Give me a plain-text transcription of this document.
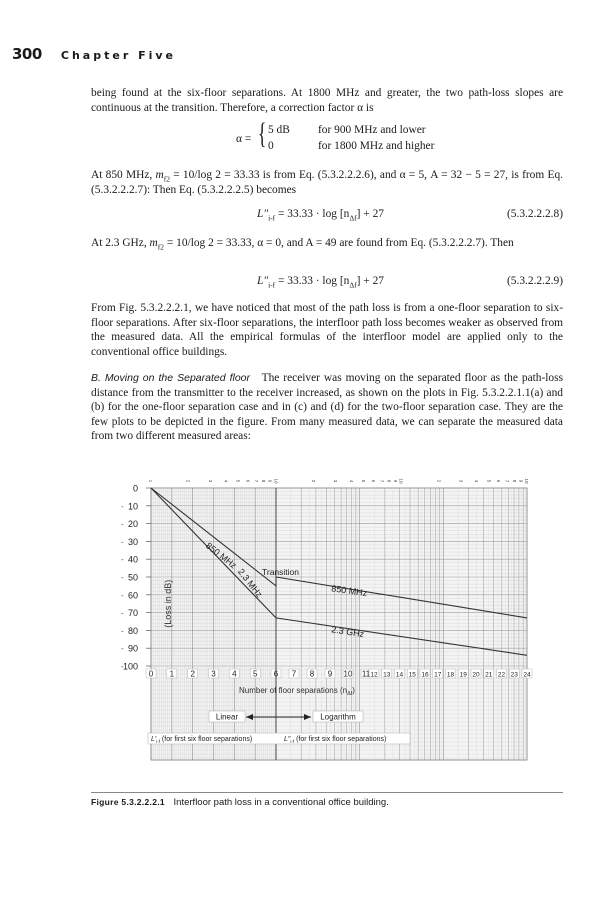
300 Chapter Five

being found at the six-floor separations. At 1800 MHz and greater, the two path-loss slopes are continuous at the transition. Therefore, a correction factor α is

α = { 5 dB for 900 MHz and lower
0	for 1800 MHz and higher

At 850 MHz, $m_{f2} = 10/\log$ 2 = 33.33 is from Eq. (5.3.2.2.2.6), and α = 5, A = 32 − 5 = 27, is from Eq. (5.3.2.2.2.7): Then Eq. (5.3.2.2.2.5) becomes

$L''_{i-f} = 33.33 \cdot \log [n_{\Delta f}] + 27$	(5.3.2.2.2.8)

At 2.3 GHz, $m_{f2} = 10/\log$ 2 = 33.33, α = 0, and A = 49 are found from Eq. (5.3.2.2.2.7). Then

$L''_{i-f} = 33.33 \cdot \log [n_{\Delta f}] + 27$	(5.3.2.2.2.9)

From Fig. 5.3.2.2.2.1, we have noticed that most of the path loss is from a one-floor separation to six-floor separations. After six-floor separations, the interfloor path loss becomes weaker as observed from the measured data. All the empirical formulas of the interfloor model are applied only to the conventional office buildings.

B. Moving on the Separated floor The receiver was moving on the separated floor as the path-loss distance from the transmitter to the receiver increased, as shown on the plots in Fig. 5.3.2.2.1.1(a) and (b) for the one-floor separation case and in (c) and (d) for the two-floor separation case. They are the few plots to be depicted in the figure. From many measured data, we can separate the measured data from two different measured areas:

1	2	3 4 5 6 7 8 9 10	2	3 4 5 6 7 8 9 10	2	3 4 5 6 7 8 9 10
0
10
-
20
-
30
-
40
-
50
-
60
-
70
-
80
-
90
-
100
-
(Loss in dB)
0 1 2 3 4 5 6 7 8 9 10 11 12 13 14 15 16 17 18 19 20 21 22 23 24
Number of floor separations $(n_{\Delta f})$
850 MHz
2.3 MHz
Transition
850 MHz
2.3 GHz
Linear	Logarithm
$L'_{i-f}$ (for first six floor separations)	$L''_{i-f}$ (for first six floor separations)
Figure 5.3.2.2.2.1 Interfloor path loss in a conventional office building.
